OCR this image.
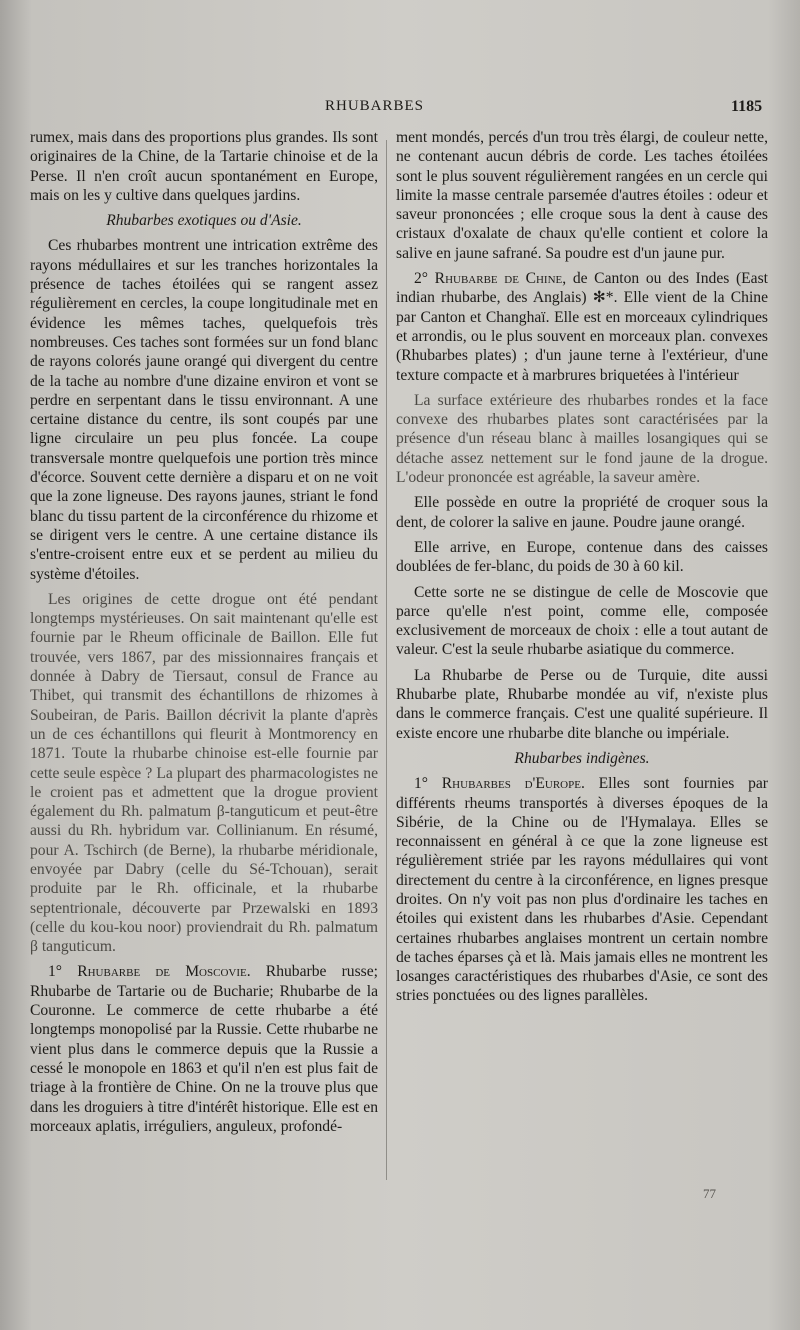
RHUBARBES	1185

rumex, mais dans des proportions plus grandes. Ils sont originaires de la Chine, de la Tartarie chinoise et de la Perse. Il n'en croît aucun spontanément en Europe, mais on les y cultive dans quelques jardins.

Rhubarbes exotiques ou d'Asie.

Ces rhubarbes montrent une intrication extrême des rayons médullaires et sur les tranches horizontales la présence de taches étoilées qui se rangent assez régulièrement en cercles, la coupe longitudinale met en évidence les mêmes taches, quelquefois très nombreuses. Ces taches sont formées sur un fond blanc de rayons colorés jaune orangé qui divergent du centre de la tache au nombre d'une dizaine environ et vont se perdre en serpentant dans le tissu environnant. A une certaine distance du centre, ils sont coupés par une ligne circulaire un peu plus foncée. La coupe transversale montre quelquefois une portion très mince d'écorce. Souvent cette dernière a disparu et on ne voit que la zone ligneuse. Des rayons jaunes, striant le fond blanc du tissu partent de la circonférence du rhizome et se dirigent vers le centre. A une certaine distance ils s'entre-croisent entre eux et se perdent au milieu du système d'étoiles.

Les origines de cette drogue ont été pendant longtemps mystérieuses. On sait maintenant qu'elle est fournie par le Rheum officinale de Baillon. Elle fut trouvée, vers 1867, par des missionnaires français et donnée à Dabry de Tiersaut, consul de France au Thibet, qui transmit des échantillons de rhizomes à Soubeiran, de Paris. Baillon décrivit la plante d'après un de ces échantillons qui fleurit à Montmorency en 1871. Toute la rhubarbe chinoise est-elle fournie par cette seule espèce ? La plupart des pharmacologistes ne le croient pas et admettent que la drogue provient également du Rh. palmatum β-tanguticum et peut-être aussi du Rh. hybridum var. Collinianum. En résumé, pour A. Tschirch (de Berne), la rhubarbe méridionale, envoyée par Dabry (celle du Sé-Tchouan), serait produite par le Rh. officinale, et la rhubarbe septentrionale, découverte par Przewalski en 1893 (celle du kou-kou noor) proviendrait du Rh. palmatum β tanguticum.

1° Rhubarbe de Moscovie. Rhubarbe russe; Rhubarbe de Tartarie ou de Bucharie; Rhubarbe de la Couronne. Le commerce de cette rhubarbe a été longtemps monopolisé par la Russie. Cette rhubarbe ne vient plus dans le commerce depuis que la Russie a cessé le monopole en 1863 et qu'il n'en est plus fait de triage à la frontière de Chine. On ne la trouve plus que dans les droguiers à titre d'intérêt historique. Elle est en morceaux aplatis, irréguliers, anguleux, profondé-

ment mondés, percés d'un trou très élargi, de couleur nette, ne contenant aucun débris de corde. Les taches étoilées sont le plus souvent régulièrement rangées en un cercle qui limite la masse centrale parsemée d'autres étoiles : odeur et saveur prononcées ; elle croque sous la dent à cause des cristaux d'oxalate de chaux qu'elle contient et colore la salive en jaune safrané. Sa poudre est d'un jaune pur.

2° Rhubarbe de Chine, de Canton ou des Indes (East indian rhubarbe, des Anglais) ✻*. Elle vient de la Chine par Canton et Changhaï. Elle est en morceaux cylindriques et arrondis, ou le plus souvent en morceaux plan. convexes (Rhubarbes plates) ; d'un jaune terne à l'extérieur, d'une texture compacte et à marbrures briquetées à l'intérieur

La surface extérieure des rhubarbes rondes et la face convexe des rhubarbes plates sont caractérisées par la présence d'un réseau blanc à mailles losangiques qui se détache assez nettement sur le fond jaune de la drogue. L'odeur prononcée est agréable, la saveur amère.

Elle possède en outre la propriété de croquer sous la dent, de colorer la salive en jaune. Poudre jaune orangé.

Elle arrive, en Europe, contenue dans des caisses doublées de fer-blanc, du poids de 30 à 60 kil.

Cette sorte ne se distingue de celle de Moscovie que parce qu'elle n'est point, comme elle, composée exclusivement de morceaux de choix : elle a tout autant de valeur. C'est la seule rhubarbe asiatique du commerce.

La Rhubarbe de Perse ou de Turquie, dite aussi Rhubarbe plate, Rhubarbe mondée au vif, n'existe plus dans le commerce français. C'est une qualité supérieure. Il existe encore une rhubarbe dite blanche ou impériale.

Rhubarbes indigènes.

1° Rhubarbes d'Europe. Elles sont fournies par différents rheums transportés à diverses époques de la Sibérie, de la Chine ou de l'Hymalaya. Elles se reconnaissent en général à ce que la zone ligneuse est régulièrement striée par les rayons médullaires qui vont directement du centre à la circonférence, en lignes presque droites. On n'y voit pas non plus d'ordinaire les taches en étoiles qui existent dans les rhubarbes d'Asie. Cependant certaines rhubarbes anglaises montrent un certain nombre de taches éparses çà et là. Mais jamais elles ne montrent les losanges caractéristiques des rhubarbes d'Asie, ce sont des stries ponctuées ou des lignes parallèles.

77
